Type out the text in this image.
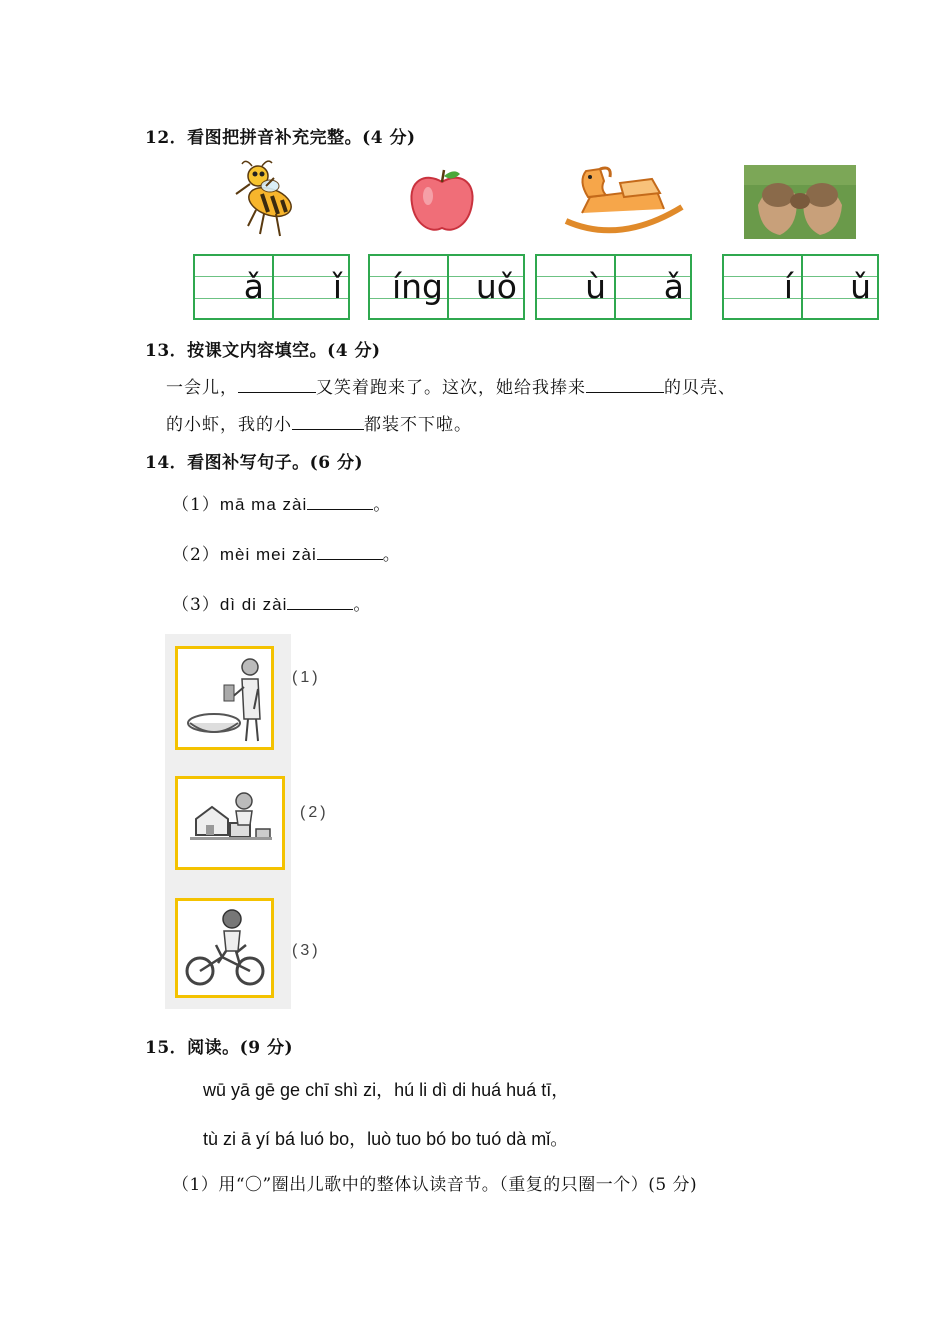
12．看图把拼音补充完整。(4 分)
ǎ	ǐ	íng uǒ	ù	ǎ	í	ǔ
13．按课文内容填空。(4 分)
一会儿，	又笑着跑来了。这次，她给我捧来	的贝壳、
的小虾，我的小	都装不下啦。
14．看图补写句子。(6 分)
（1）mā ma zài	。
（2）mèi mei zài	。
（3）dì di zài	。
(1)
(2)
(3)
15．阅读。(9 分)
wū yā gē ge chī shì zi，hú li dì di huá huá tī，
tù zi ā yí bá luó bo，luò tuo bó bo tuó dà mǐ。
（1）用“〇”圈出儿歌中的整体认读音节。（重复的只圈一个）(5 分)
